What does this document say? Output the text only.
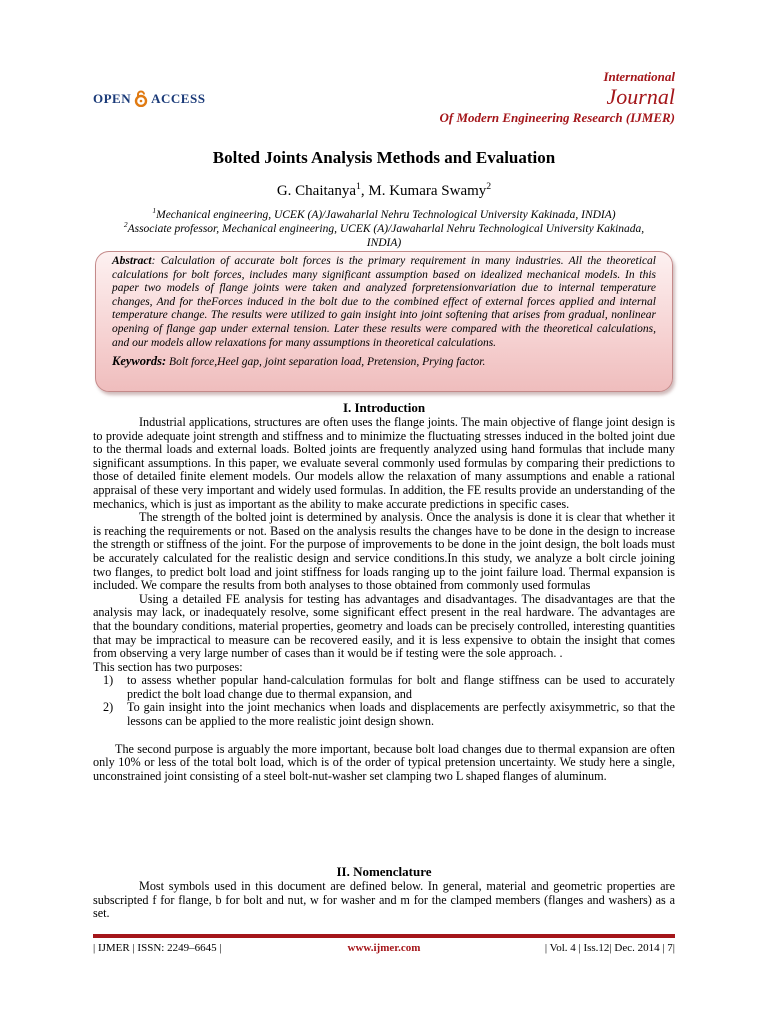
OPEN ACCESS
International
Journal
Of Modern Engineering Research (IJMER)
Bolted Joints Analysis Methods and Evaluation
G. Chaitanya$^1$, M. Kumara Swamy$^2$
$^1$Mechanical engineering, UCEK (A)/Jawaharlal Nehru Technological University Kakinada, INDIA)
$^2$Associate professor, Mechanical engineering, UCEK (A)/Jawaharlal Nehru Technological University Kakinada, INDIA)

Abstract: Calculation of accurate bolt forces is the primary requirement in many industries. All the theoretical calculations for bolt forces, includes many significant assumption based on idealized mechanical models. In this paper two models of flange joints were taken and analyzed forpretensionvariation due to internal temperature changes, And for theForces induced in the bolt due to the combined effect of external forces applied and internal temperature change. The results were utilized to gain insight into joint softening that arises from gradual, nonlinear opening of flange gap under external tension. Later these results were compared with the theoretical calculations, and our models allow relaxations for many assumptions in theoretical calculations.

Keywords: Bolt force,Heel gap, joint separation load, Pretension, Prying factor.
I. Introduction

Industrial applications, structures are often uses the flange joints. The main objective of flange joint design is to provide adequate joint strength and stiffness and to minimize the fluctuating stresses induced in the bolted joint due to the thermal loads and external loads. Bolted joints are frequently analyzed using hand formulas that include many significant assumptions. In this paper, we evaluate several commonly used formulas by comparing their predictions to those of detailed finite element models. Our models allow the relaxation of many assumptions and enable a rational appraisal of these very important and widely used formulas. In addition, the FE results provide an understanding of the mechanics, which is just as important as the ability to make accurate predictions in specific cases.

The strength of the bolted joint is determined by analysis. Once the analysis is done it is clear that whether it is reaching the requirements or not. Based on the analysis results the changes have to be done in the design to increase the strength or stiffness of the joint. For the purpose of improvements to be done in the joint design, the bolt loads must be accurately calculated for the realistic design and service conditions.In this study, we analyze a bolt circle joining two flanges, to predict bolt load and joint stiffness for loads ranging up to the joint failure load. Thermal expansion is included. We compare the results from both analyses to those obtained from commonly used formulas

Using a detailed FE analysis for testing has advantages and disadvantages. The disadvantages are that the analysis may lack, or inadequately resolve, some significant effect present in the real hardware. The advantages are that the boundary conditions, material properties, geometry and loads can be precisely controlled, interesting quantities that may be impractical to measure can be recovered easily, and it is less expensive to obtain the insight that comes from observing a very large number of cases than it would be if testing were the sole approach. .

This section has two purposes:

1)	to assess whether popular hand-calculation formulas for bolt and flange stiffness can be used to accurately predict the bolt load change due to thermal expansion, and
2)	To gain insight into the joint mechanics when loads and displacements are perfectly axisymmetric, so that the lessons can be applied to the more realistic joint design shown.

The second purpose is arguably the more important, because bolt load changes due to thermal expansion are often only 10% or less of the total bolt load, which is of the order of typical pretension uncertainty. We study here a single, unconstrained joint consisting of a steel bolt-nut-washer set clamping two L shaped flanges of aluminum.

II. Nomenclature

Most symbols used in this document are defined below. In general, material and geometric properties are subscripted f for flange, b for bolt and nut, w for washer and m for the clamped members (flanges and washers) as a set.

| IJMER | ISSN: 2249–6645 |	www.ijmer.com	| Vol. 4 | Iss.12| Dec. 2014 | 7|
